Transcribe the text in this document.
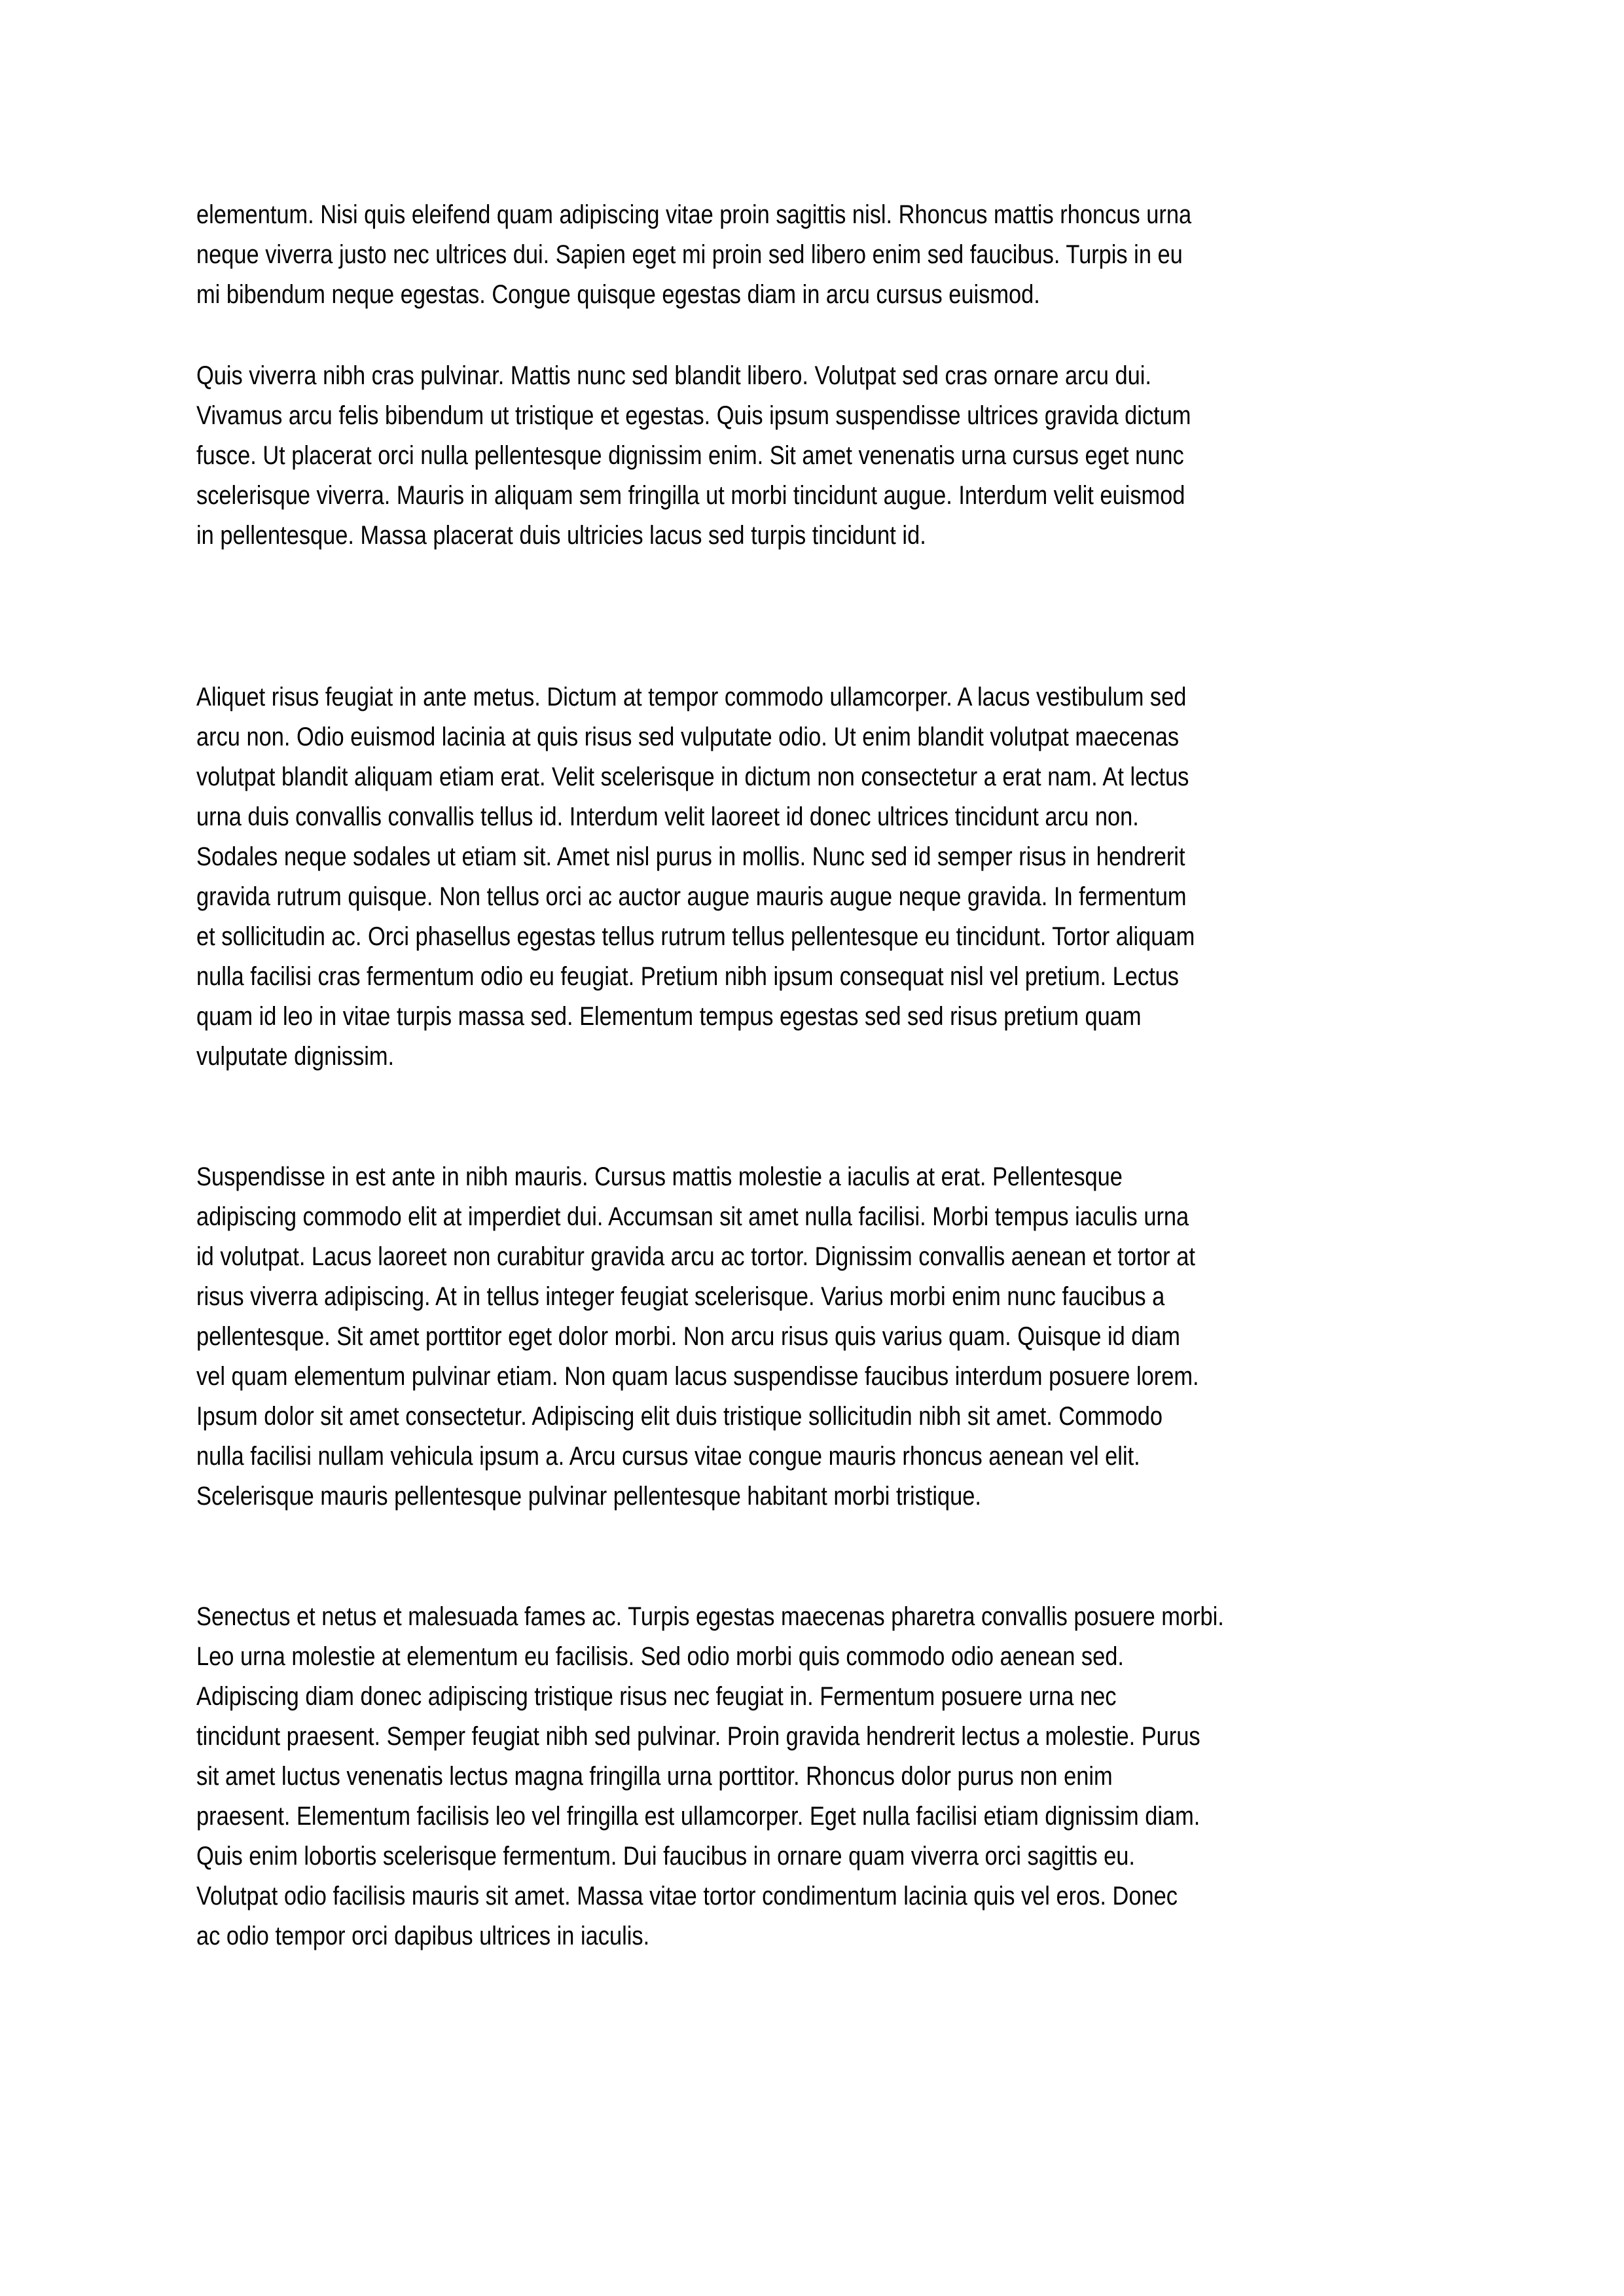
elementum. Nisi quis eleifend quam adipiscing vitae proin sagittis nisl. Rhoncus mattis rhoncus urna
neque viverra justo nec ultrices dui. Sapien eget mi proin sed libero enim sed faucibus. Turpis in eu
mi bibendum neque egestas. Congue quisque egestas diam in arcu cursus euismod.
Quis viverra nibh cras pulvinar. Mattis nunc sed blandit libero. Volutpat sed cras ornare arcu dui.
Vivamus arcu felis bibendum ut tristique et egestas. Quis ipsum suspendisse ultrices gravida dictum
fusce. Ut placerat orci nulla pellentesque dignissim enim. Sit amet venenatis urna cursus eget nunc
scelerisque viverra. Mauris in aliquam sem fringilla ut morbi tincidunt augue. Interdum velit euismod
in pellentesque. Massa placerat duis ultricies lacus sed turpis tincidunt id.
Aliquet risus feugiat in ante metus. Dictum at tempor commodo ullamcorper. A lacus vestibulum sed
arcu non. Odio euismod lacinia at quis risus sed vulputate odio. Ut enim blandit volutpat maecenas
volutpat blandit aliquam etiam erat. Velit scelerisque in dictum non consectetur a erat nam. At lectus
urna duis convallis convallis tellus id. Interdum velit laoreet id donec ultrices tincidunt arcu non.
Sodales neque sodales ut etiam sit. Amet nisl purus in mollis. Nunc sed id semper risus in hendrerit
gravida rutrum quisque. Non tellus orci ac auctor augue mauris augue neque gravida. In fermentum
et sollicitudin ac. Orci phasellus egestas tellus rutrum tellus pellentesque eu tincidunt. Tortor aliquam
nulla facilisi cras fermentum odio eu feugiat. Pretium nibh ipsum consequat nisl vel pretium. Lectus
quam id leo in vitae turpis massa sed. Elementum tempus egestas sed sed risus pretium quam
vulputate dignissim.
Suspendisse in est ante in nibh mauris. Cursus mattis molestie a iaculis at erat. Pellentesque
adipiscing commodo elit at imperdiet dui. Accumsan sit amet nulla facilisi. Morbi tempus iaculis urna
id volutpat. Lacus laoreet non curabitur gravida arcu ac tortor. Dignissim convallis aenean et tortor at
risus viverra adipiscing. At in tellus integer feugiat scelerisque. Varius morbi enim nunc faucibus a
pellentesque. Sit amet porttitor eget dolor morbi. Non arcu risus quis varius quam. Quisque id diam
vel quam elementum pulvinar etiam. Non quam lacus suspendisse faucibus interdum posuere lorem.
Ipsum dolor sit amet consectetur. Adipiscing elit duis tristique sollicitudin nibh sit amet. Commodo
nulla facilisi nullam vehicula ipsum a. Arcu cursus vitae congue mauris rhoncus aenean vel elit.
Scelerisque mauris pellentesque pulvinar pellentesque habitant morbi tristique.
Senectus et netus et malesuada fames ac. Turpis egestas maecenas pharetra convallis posuere morbi.
Leo urna molestie at elementum eu facilisis. Sed odio morbi quis commodo odio aenean sed.
Adipiscing diam donec adipiscing tristique risus nec feugiat in. Fermentum posuere urna nec
tincidunt praesent. Semper feugiat nibh sed pulvinar. Proin gravida hendrerit lectus a molestie. Purus
sit amet luctus venenatis lectus magna fringilla urna porttitor. Rhoncus dolor purus non enim
praesent. Elementum facilisis leo vel fringilla est ullamcorper. Eget nulla facilisi etiam dignissim diam.
Quis enim lobortis scelerisque fermentum. Dui faucibus in ornare quam viverra orci sagittis eu.
Volutpat odio facilisis mauris sit amet. Massa vitae tortor condimentum lacinia quis vel eros. Donec
ac odio tempor orci dapibus ultrices in iaculis.
